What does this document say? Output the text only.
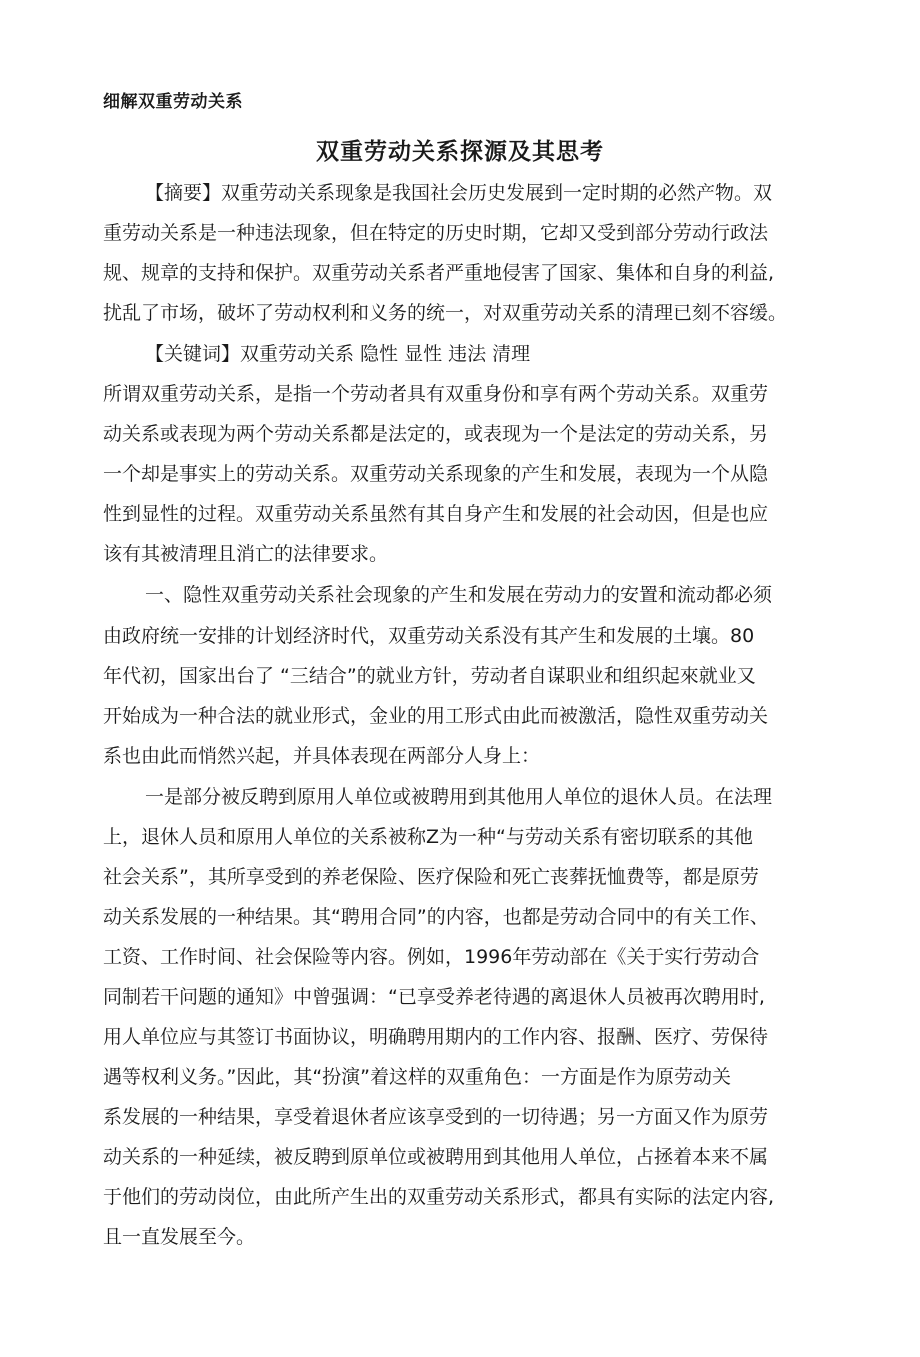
细解双重劳动关系
双重劳动关系探源及其思考
【摘要】双重劳动关系现象是我国社会历史发展到一定时期的必然产物。双
重劳动关系是一种违法现象，但在特定的历史时期，它却又受到部分劳动行政法
规、规章的支持和保护。双重劳动关系者严重地侵害了国家、集体和自身的利益,
扰乱了市场，破坏了劳动权利和义务的统一，对双重劳动关系的清理已刻不容缓。
【关键词】双重劳动关系 隐性 显性 违法 清理
所谓双重劳动关系，是指一个劳动者具有双重身份和享有两个劳动关系。双重劳
动关系或表现为两个劳动关系都是法定的，或表现为一个是法定的劳动关系，另
一个却是事实上的劳动关系。双重劳动关系现象的产生和发展，表现为一个从隐
性到显性的过程。双重劳动关系虽然有其自身产生和发展的社会动因，但是也应
该有其被清理且消亡的法律要求。
一、隐性双重劳动关系社会现象的产生和发展在劳动力的安置和流动都必须
由政府统一安排的计划经济时代，双重劳动关系没有其产生和发展的土壤。80
年代初，国家出台了 “三结合”的就业方针，劳动者自谋职业和组织起來就业又
开始成为一种合法的就业形式，金业的用工形式由此而被激活，隐性双重劳动关
系也由此而悄然兴起，并具体表现在两部分人身上：
一是部分被反聘到原用人单位或被聘用到其他用人单位的退休人员。在法理
上，退休人员和原用人单位的关系被称Z为一种“与劳动关系有密切联系的其他
社会关系”，其所享受到的养老保险、医疗保险和死亡丧葬抚恤费等，都是原劳
动关系发展的一种结果。其“聘用合同”的内容，也都是劳动合同中的有关工作、
工资、工作时间、社会保险等内容。例如，1996年劳动部在《关于实行劳动合
同制若干问题的通知》中曾强调：“已享受养老待遇的离退休人员被再次聘用时,
用人单位应与其签订书面协议，明确聘用期内的工作内容、报酬、医疗、劳保待
遇等权利义务。”因此，其“扮演”着这样的双重角色：一方面是作为原劳动关
系发展的一种结果，享受着退休者应该享受到的一切待遇；另一方面又作为原劳
动关系的一种延续，被反聘到原单位或被聘用到其他用人单位，占拯着本来不属
于他们的劳动岗位，由此所产生出的双重劳动关系形式，都具有实际的法定内容,
且一直发展至今。
